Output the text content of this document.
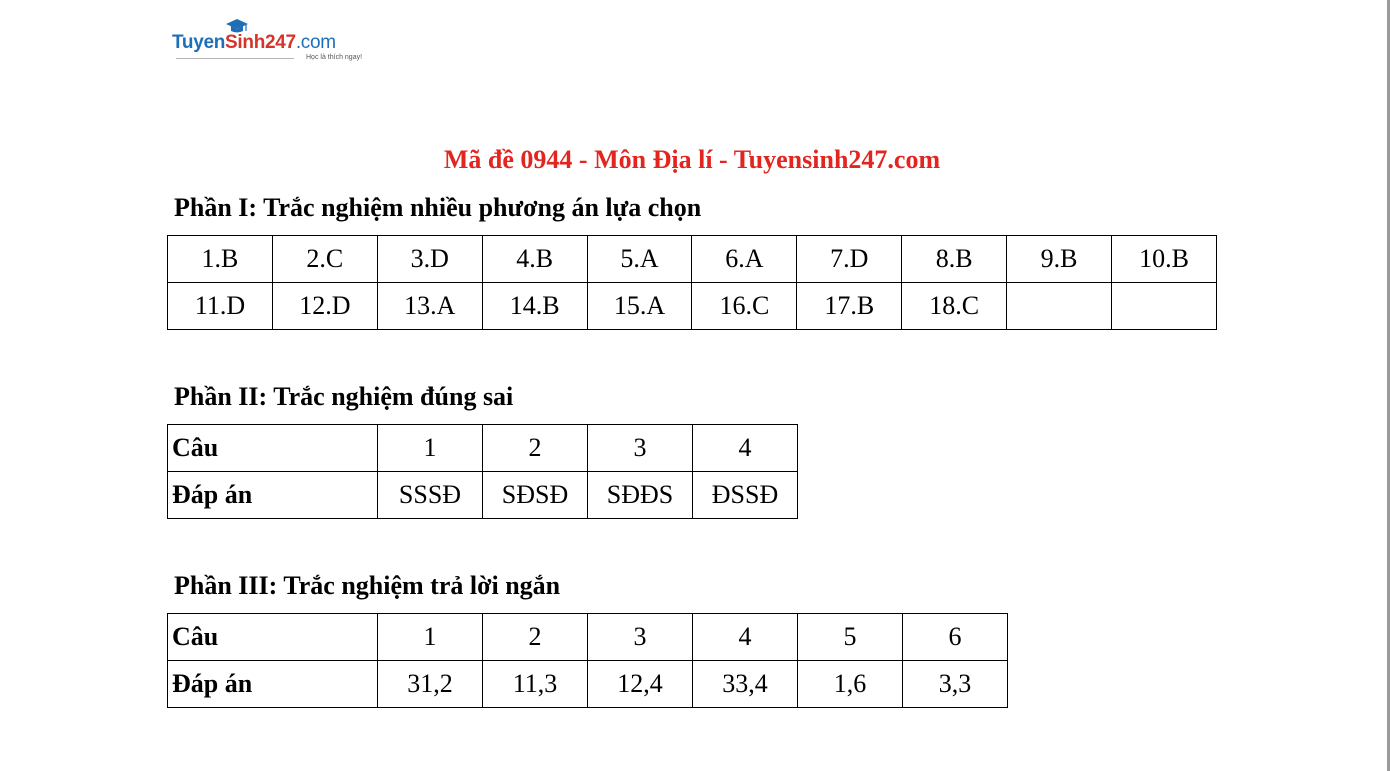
TuyenSinh247.com
Học là thích ngay!
Mã đề 0944 - Môn Địa lí - Tuyensinh247.com
Phần I: Trắc nghiệm nhiều phương án lựa chọn
1.B	2.C	3.D	4.B	5.A	6.A	7.D	8.B	9.B	10.B
11.D	12.D	13.A	14.B	15.A	16.C	17.B	18.C		
Phần II: Trắc nghiệm đúng sai
Câu	1	2	3	4
Đáp án	SSSĐ	SĐSĐ	SĐĐS	ĐSSĐ
Phần III: Trắc nghiệm trả lời ngắn
Câu	1	2	3	4	5	6
Đáp án	31,2	11,3	12,4	33,4	1,6	3,3
